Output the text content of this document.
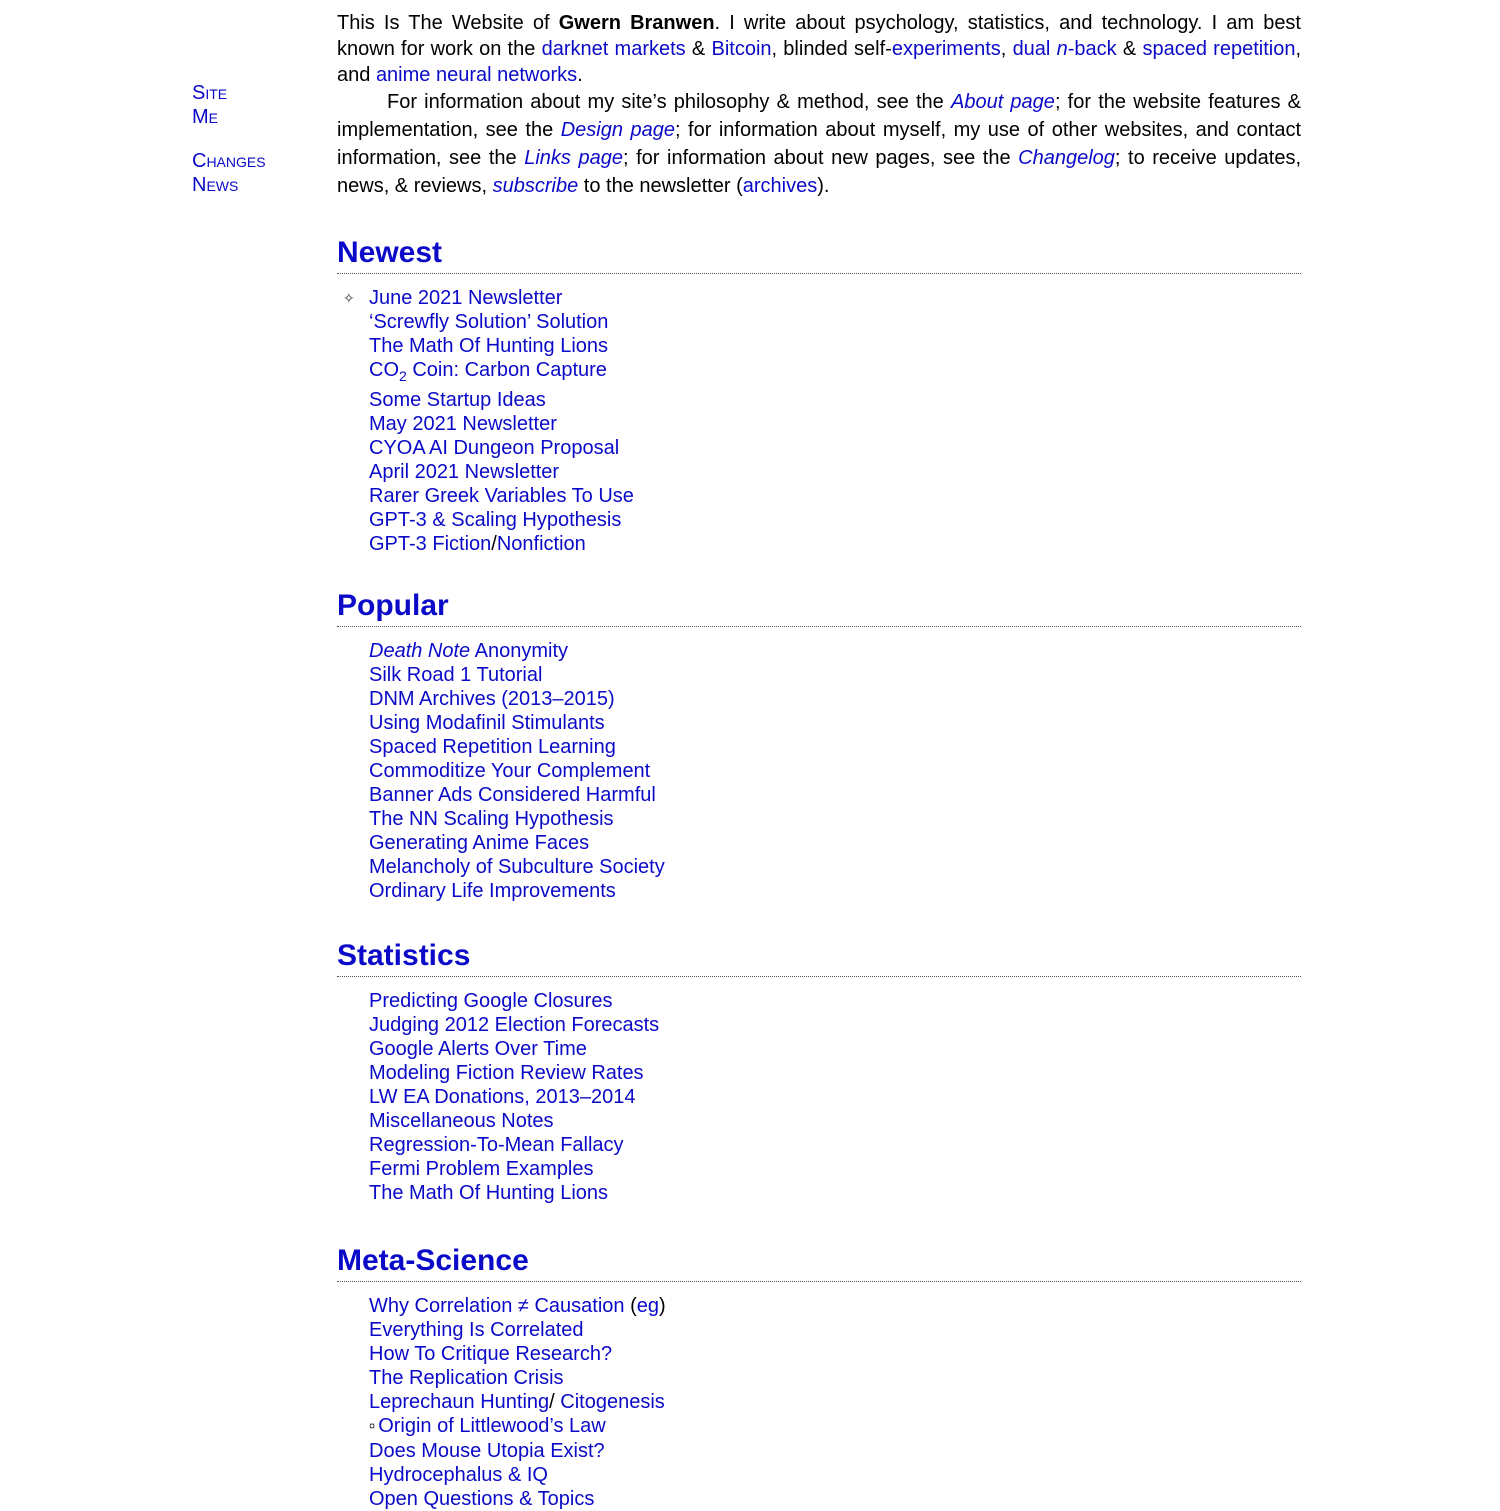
Site
Me
Changes
News

This Is The Website of Gwern Branwen. I write about psychology, statistics, and technology. I am best known for work on the darknet markets & Bitcoin, blinded self-experiments, dual n-back & spaced repetition, and anime neural networks.

For information about my site’s philosophy & method, see the About page; for the website features & implementation, see the Design page; for information about myself, my use of other websites, and contact information, see the Links page; for information about new pages, see the Changelog; to receive updates, news, & reviews, subscribe to the newsletter (archives).

Newest
✧ June 2021 Newsletter
‘Screwfly Solution’ Solution
The Math Of Hunting Lions
$CO_2$ Coin: Carbon Capture
Some Startup Ideas
May 2021 Newsletter
CYOA AI Dungeon Proposal
April 2021 Newsletter
Rarer Greek Variables To Use
GPT-3 & Scaling Hypothesis
GPT-3 Fiction/Nonfiction
Popular
Death Note Anonymity
Silk Road 1 Tutorial
DNM Archives (2013–2015)
Using Modafinil Stimulants
Spaced Repetition Learning
Commoditize Your Complement
Banner Ads Considered Harmful
The NN Scaling Hypothesis
Generating Anime Faces
Melancholy of Subculture Society
Ordinary Life Improvements
Statistics
Predicting Google Closures
Judging 2012 Election Forecasts
Google Alerts Over Time
Modeling Fiction Review Rates
LW EA Donations, 2013–2014
Miscellaneous Notes
Regression-To-Mean Fallacy
Fermi Problem Examples
The Math Of Hunting Lions
Meta-Science
Why Correlation ≠ Causation (eg)
Everything Is Correlated
How To Critique Research?
The Replication Crisis
Leprechaun Hunting/ Citogenesis
¤ Origin of Littlewood’s Law
Does Mouse Utopia Exist?
Hydrocephalus & IQ
Open Questions & Topics
